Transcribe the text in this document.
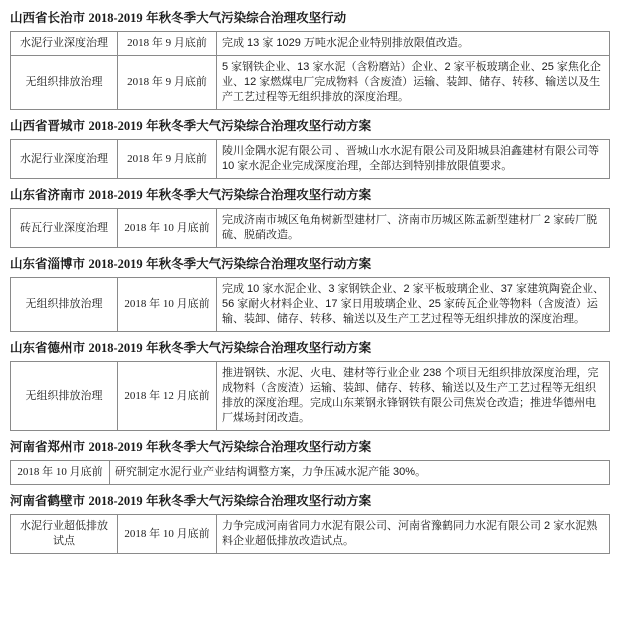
山西省长治市 2018-2019 年秋冬季大气污染综合治理攻坚行动
水泥行业深度治理	2018 年 9 月底前	完成 13 家 1029 万吨水泥企业特别排放限值改造。
无组织排放治理	2018 年 9 月底前	5 家钢铁企业、13 家水泥（含粉磨站）企业、2 家平板玻璃企业、25 家焦化企业、12 家燃煤电厂完成物料（含废渣）运输、装卸、储存、转移、输送以及生产工艺过程等无组织排放的深度治理。
山西省晋城市 2018-2019 年秋冬季大气污染综合治理攻坚行动方案
水泥行业深度治理	2018 年 9 月底前	陵川金隅水泥有限公司 、晋城山水水泥有限公司及阳城县洎鑫建材有限公司等 10 家水泥企业完成深度治理，全部达到特别排放限值要求。
山东省济南市 2018-2019 年秋冬季大气污染综合治理攻坚行动方案
砖瓦行业深度治理	2018 年 10 月底前	完成济南市城区龟角树新型建材厂、济南市历城区陈孟新型建材厂 2 家砖厂脱硫、脱硝改造。
山东省淄博市 2018-2019 年秋冬季大气污染综合治理攻坚行动方案
无组织排放治理	2018 年 10 月底前	完成 10 家水泥企业、3 家钢铁企业、2 家平板玻璃企业、37 家建筑陶瓷企业、56 家耐火材料企业、17 家日用玻璃企业、25 家砖瓦企业等物料（含废渣）运输、装卸、储存、转移、输送以及生产工艺过程等无组织排放的深度治理。
山东省德州市 2018-2019 年秋冬季大气污染综合治理攻坚行动方案
无组织排放治理	2018 年 12 月底前	推进钢铁、水泥、火电、建材等行业企业 238 个项目无组织排放深度治理，完成物料（含废渣）运输、装卸、储存、转移、输送以及生产工艺过程等无组织排放的深度治理。完成山东莱钢永锋钢铁有限公司焦炭仓改造；推进华德州电厂煤场封闭改造。
河南省郑州市 2018-2019 年秋冬季大气污染综合治理攻坚行动方案
2018 年 10 月底前	研究制定水泥行业产业结构调整方案，力争压减水泥产能 30%。
河南省鹤壁市 2018-2019 年秋冬季大气污染综合治理攻坚行动方案
水泥行业超低排放试点	2018 年 10 月底前	力争完成河南省同力水泥有限公司、河南省豫鹤同力水泥有限公司 2 家水泥熟料企业超低排放改造试点。
